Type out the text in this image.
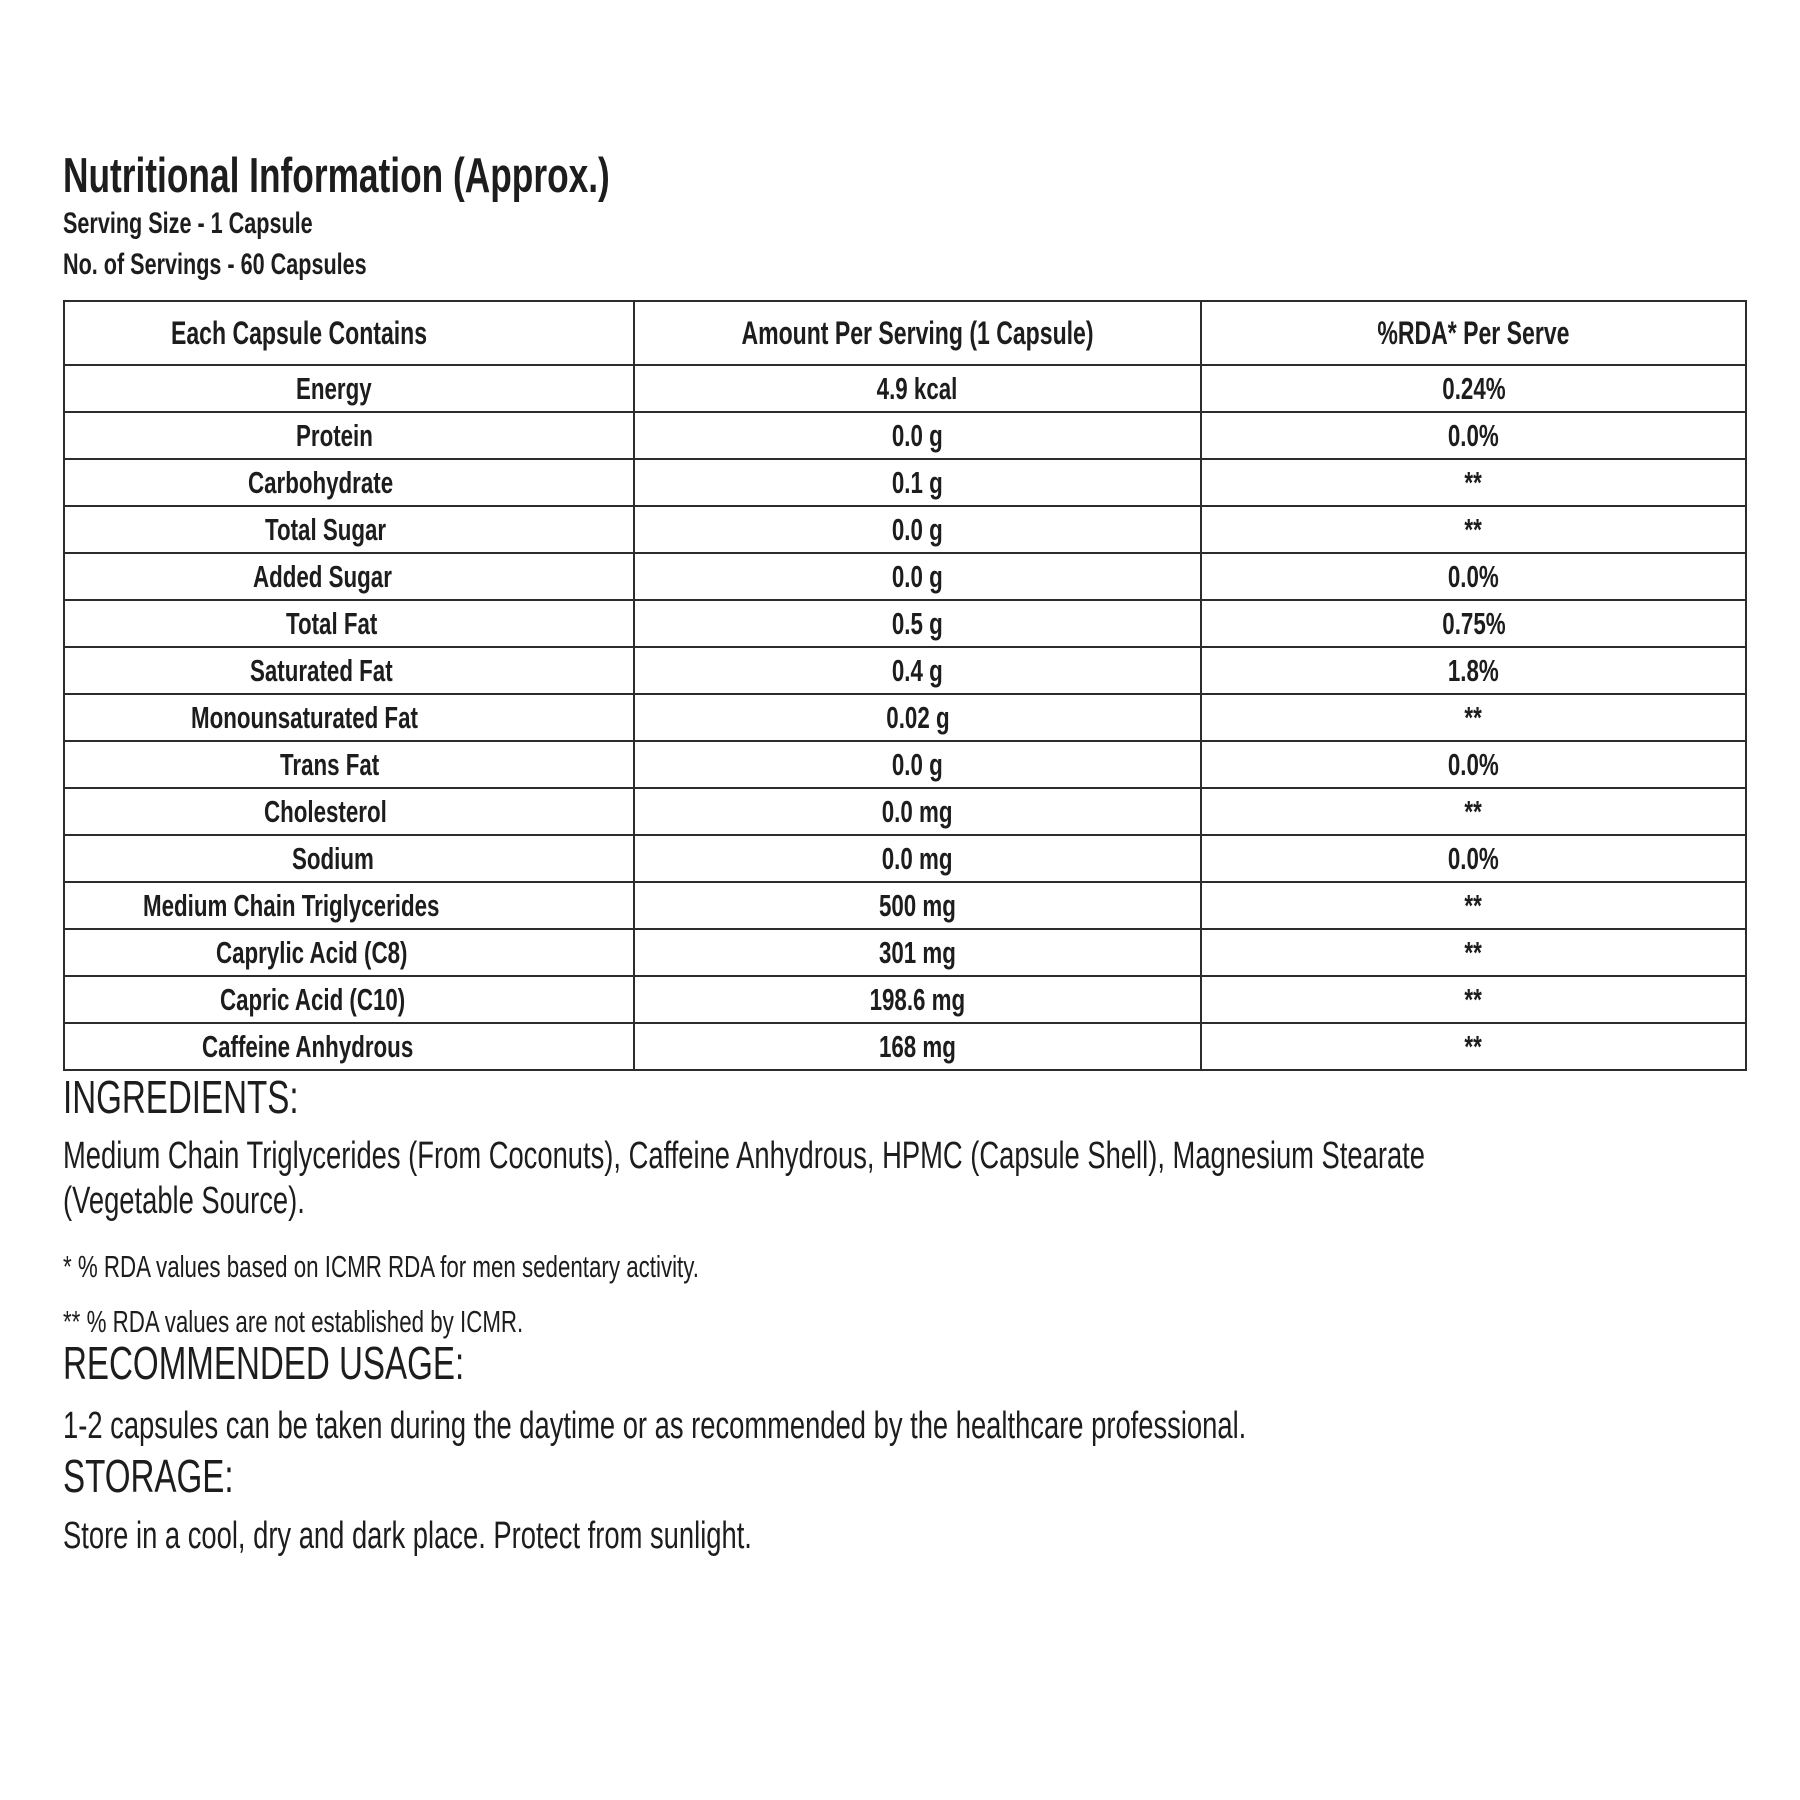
Nutritional Information (Approx.)
Serving Size - 1 Capsule
No. of Servings - 60 Capsules
Each Capsule Contains	Amount Per Serving (1 Capsule)	%RDA* Per Serve
Energy	4.9 kcal	0.24%
Protein	0.0 g	0.0%
Carbohydrate	0.1 g	**
Total Sugar	0.0 g	**
Added Sugar	0.0 g	0.0%
Total Fat	0.5 g	0.75%
Saturated Fat	0.4 g	1.8%
Monounsaturated Fat	0.02 g	**
Trans Fat	0.0 g	0.0%
Cholesterol	0.0 mg	**
Sodium	0.0 mg	0.0%
Medium Chain Triglycerides	500 mg	**
Caprylic Acid (C8)	301 mg	**
Capric Acid (C10)	198.6 mg	**
Caffeine Anhydrous	168 mg	**
INGREDIENTS:
Medium Chain Triglycerides (From Coconuts), Caffeine Anhydrous, HPMC (Capsule Shell), Magnesium Stearate
(Vegetable Source).
* % RDA values based on ICMR RDA for men sedentary activity.
** % RDA values are not established by ICMR.
RECOMMENDED USAGE:
1-2 capsules can be taken during the daytime or as recommended by the healthcare professional.
STORAGE:
Store in a cool, dry and dark place. Protect from sunlight.
